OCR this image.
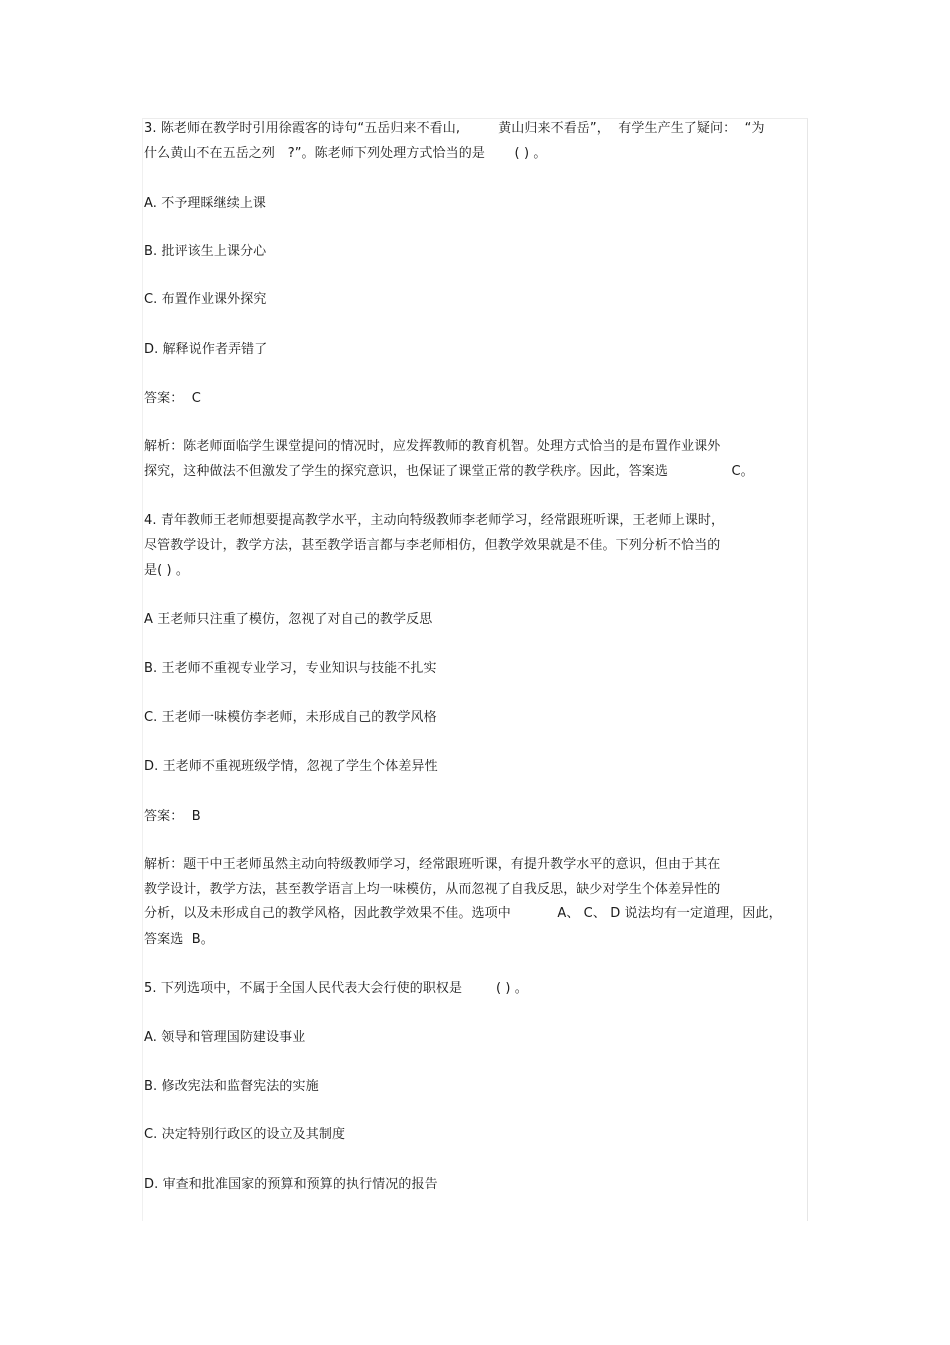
3. 陈老师在教学时引用徐霞客的诗句“五岳归来不看山,         黄山归来不看岳”，  有学生产生了疑问：  “为
什么黄山不在五岳之列   ?”。陈老师下列处理方式恰当的是       ( ) 。
A. 不予理睬继续上课
B. 批评该生上课分心
C. 布置作业课外探究
D. 解释说作者弄错了
答案：  C
解析：陈老师面临学生课堂提问的情况时，应发挥教师的教育机智。处理方式恰当的是布置作业课外
探究，这种做法不但激发了学生的探究意识，也保证了课堂正常的教学秩序。因此，答案选               C。
4. 青年教师王老师想要提高教学水平，主动向特级教师李老师学习，经常跟班听课，王老师上课时，
尽管教学设计，教学方法，甚至教学语言都与李老师相仿，但教学效果就是不佳。下列分析不恰当的
是( ) 。
A 王老师只注重了模仿，忽视了对自己的教学反思
B. 王老师不重视专业学习，专业知识与技能不扎实
C. 王老师一味模仿李老师，未形成自己的教学风格
D. 王老师不重视班级学情，忽视了学生个体差异性
答案：  B
解析：题干中王老师虽然主动向特级教师学习，经常跟班听课，有提升教学水平的意识，但由于其在
教学设计，教学方法，甚至教学语言上均一味模仿，从而忽视了自我反思，缺少对学生个体差异性的
分析，以及未形成自己的教学风格，因此教学效果不佳。选项中           A、 C、 D 说法均有一定道理，因此，
答案选  B。
5. 下列选项中，不属于全国人民代表大会行使的职权是        ( ) 。
A. 领导和管理国防建设事业
B. 修改宪法和监督宪法的实施
C. 决定特别行政区的设立及其制度
D. 审查和批准国家的预算和预算的执行情况的报告
